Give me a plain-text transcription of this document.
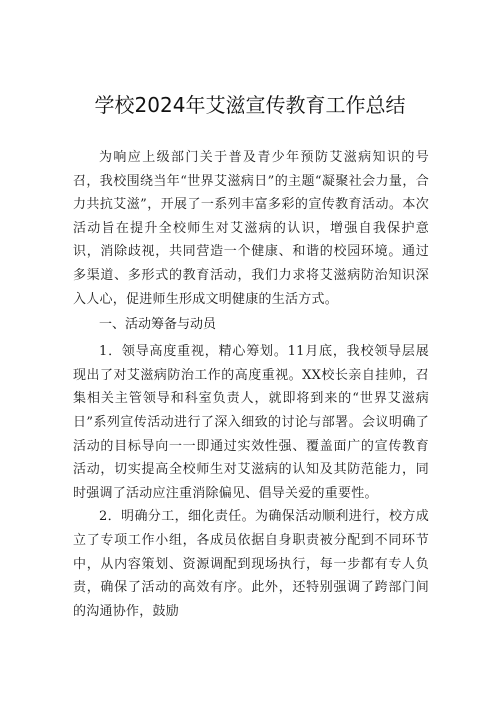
学校2024年艾滋宣传教育工作总结

为响应上级部门关于普及青少年预防艾滋病知识的号召，我校围绕当年“世界艾滋病日”的主题“凝聚社会力量，合力共抗艾滋”，开展了一系列丰富多彩的宣传教育活动。本次活动旨在提升全校师生对艾滋病的认识，增强自我保护意识，消除歧视，共同营造一个健康、和谐的校园环境。通过多渠道、多形式的教育活动，我们力求将艾滋病防治知识深入人心，促进师生形成文明健康的生活方式。

一、活动筹备与动员

1．领导高度重视，精心筹划。11月底，我校领导层展现出了对艾滋病防治工作的高度重视。XX校长亲自挂帅，召集相关主管领导和科室负责人，就即将到来的“世界艾滋病日”系列宣传活动进行了深入细致的讨论与部署。会议明确了活动的目标导向一一即通过实效性强、覆盖面广的宣传教育活动，切实提高全校师生对艾滋病的认知及其防范能力，同时强调了活动应注重消除偏见、倡导关爱的重要性。

2．明确分工，细化责任。为确保活动顺利进行，校方成立了专项工作小组，各成员依据自身职责被分配到不同环节中，从内容策划、资源调配到现场执行，每一步都有专人负责，确保了活动的高效有序。此外，还特别强调了跨部门间的沟通协作，鼓励
